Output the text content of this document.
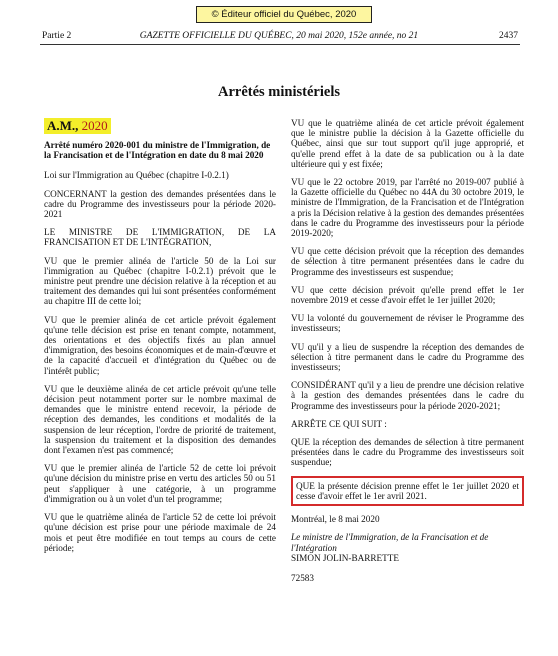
© Éditeur officiel du Québec, 2020
Partie 2	GAZETTE OFFICIELLE DU QUÉBEC, 20 mai 2020, 152e année, no 21	2437
Arrêtés ministériels
A.M., 2020

Arrêté numéro 2020-001 du ministre de l'Immigration, de la Francisation et de l'Intégration en date du 8 mai 2020

Loi sur l'Immigration au Québec (chapitre I-0.2.1)

CONCERNANT la gestion des demandes présentées dans le cadre du Programme des investisseurs pour la période 2020-2021

LE MINISTRE DE L'IMMIGRATION, DE LA FRANCISATION ET DE L'INTÉGRATION,

VU que le premier alinéa de l'article 50 de la Loi sur l'immigration au Québec (chapitre I-0.2.1) prévoit que le ministre peut prendre une décision relative à la réception et au traitement des demandes qui lui sont présentées conformément au chapitre III de cette loi;

VU que le premier alinéa de cet article prévoit également qu'une telle décision est prise en tenant compte, notamment, des orientations et des objectifs fixés au plan annuel d'immigration, des besoins économiques et de main-d'œuvre et de la capacité d'accueil et d'intégration du Québec ou de l'intérêt public;

VU que le deuxième alinéa de cet article prévoit qu'une telle décision peut notamment porter sur le nombre maximal de demandes que le ministre entend recevoir, la période de réception des demandes, les conditions et modalités de la suspension de leur réception, l'ordre de priorité de traitement, la suspension du traitement et la disposition des demandes dont l'examen n'est pas commencé;

VU que le premier alinéa de l'article 52 de cette loi prévoit qu'une décision du ministre prise en vertu des articles 50 ou 51 peut s'appliquer à une catégorie, à un programme d'immigration ou à un volet d'un tel programme;

VU que le quatrième alinéa de l'article 52 de cette loi prévoit qu'une décision est prise pour une période maximale de 24 mois et peut être modifiée en tout temps au cours de cette période;

VU que le quatrième alinéa de cet article prévoit également que le ministre publie la décision à la Gazette officielle du Québec, ainsi que sur tout support qu'il juge approprié, et qu'elle prend effet à la date de sa publication ou à la date ultérieure qui y est fixée;

VU que le 22 octobre 2019, par l'arrêté no 2019-007 publié à la Gazette officielle du Québec no 44A du 30 octobre 2019, le ministre de l'Immigration, de la Francisation et de l'Intégration a pris la Décision relative à la gestion des demandes présentées dans le cadre du Programme des investisseurs pour la période 2019-2020;

VU que cette décision prévoit que la réception des demandes de sélection à titre permanent présentées dans le cadre du Programme des investisseurs est suspendue;

VU que cette décision prévoit qu'elle prend effet le 1er novembre 2019 et cesse d'avoir effet le 1er juillet 2020;

VU la volonté du gouvernement de réviser le Programme des investisseurs;

VU qu'il y a lieu de suspendre la réception des demandes de sélection à titre permanent dans le cadre du Programme des investisseurs;

CONSIDÉRANT qu'il y a lieu de prendre une décision relative à la gestion des demandes présentées dans le cadre du Programme des investisseurs pour la période 2020-2021;

ARRÊTE CE QUI SUIT :

QUE la réception des demandes de sélection à titre permanent présentées dans le cadre du Programme des investisseurs soit suspendue;

QUE la présente décision prenne effet le 1er juillet 2020 et cesse d'avoir effet le 1er avril 2021.

Montréal, le 8 mai 2020

Le ministre de l'Immigration, de la Francisation et de l'Intégration

SIMON JOLIN-BARRETTE

72583
